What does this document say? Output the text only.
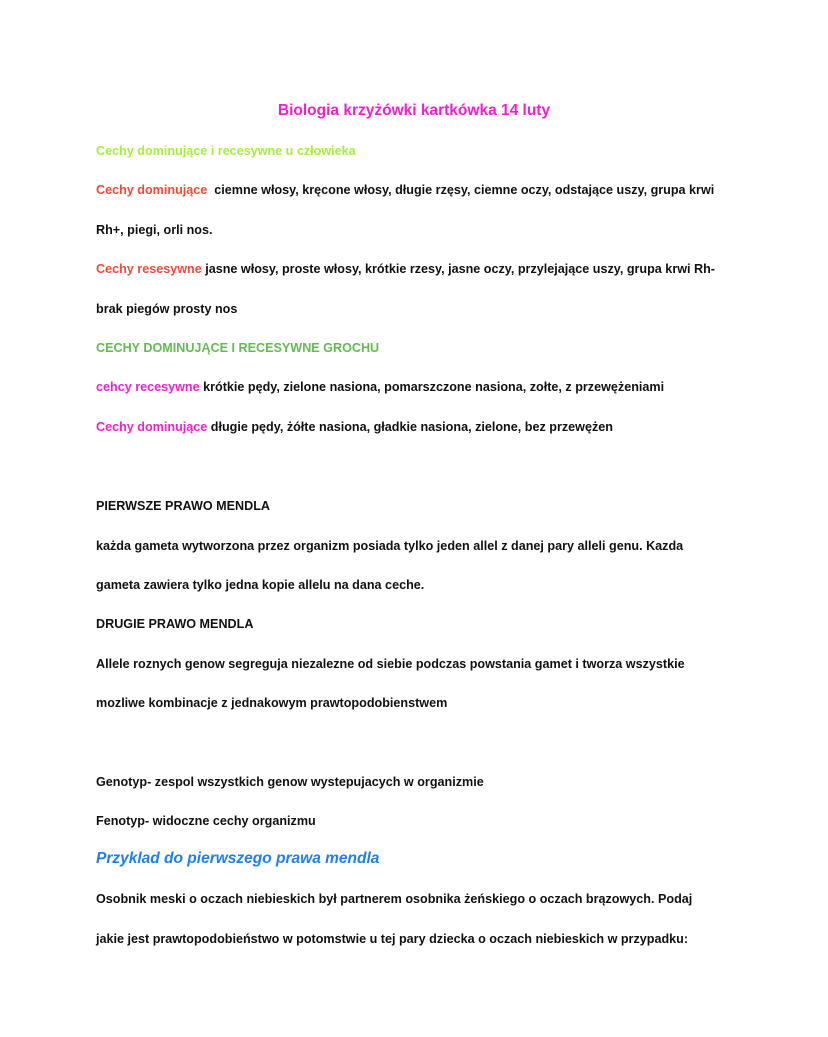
Biologia krzyżówki kartkówka 14 luty
Cechy dominujące i recesywne u człowieka
Cechy dominujące  ciemne włosy, kręcone włosy, długie rzęsy, ciemne oczy, odstające uszy, grupa krwi
Rh+, piegi, orli nos.
Cechy resesywne jasne włosy, proste włosy, krótkie rzesy, jasne oczy, przylejające uszy, grupa krwi Rh-
brak piegów prosty nos
CECHY DOMINUJĄCE I RECESYWNE GROCHU
cehcy recesywne krótkie pędy, zielone nasiona, pomarszczone nasiona, zołte, z przewężeniami
Cechy dominujące długie pędy, żółte nasiona, gładkie nasiona, zielone, bez przewężen
PIERWSZE PRAWO MENDLA
każda gameta wytworzona przez organizm posiada tylko jeden allel z danej pary alleli genu. Kazda
gameta zawiera tylko jedna kopie allelu na dana ceche.
DRUGIE PRAWO MENDLA
Allele roznych genow segreguja niezalezne od siebie podczas powstania gamet i tworza wszystkie
mozliwe kombinacje z jednakowym prawtopodobienstwem
Genotyp- zespol wszystkich genow wystepujacych w organizmie
Fenotyp- widoczne cechy organizmu
Przyklad do pierwszego prawa mendla
Osobnik meski o oczach niebieskich był partnerem osobnika żeńskiego o oczach brązowych. Podaj
jakie jest prawtopodobieństwo w potomstwie u tej pary dziecka o oczach niebieskich w przypadku:
